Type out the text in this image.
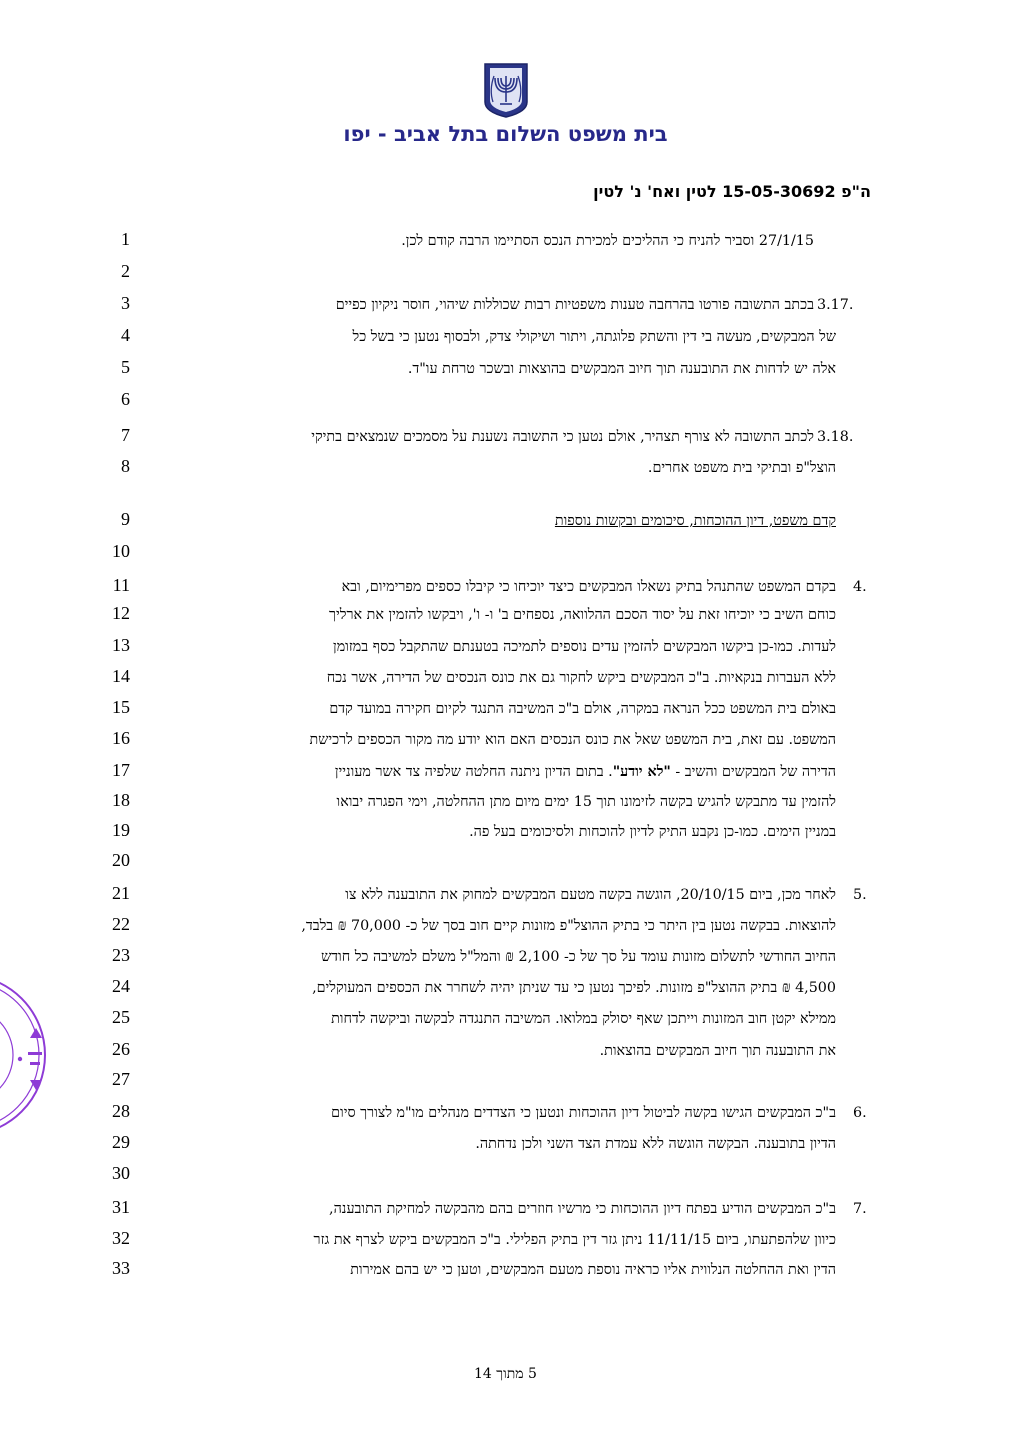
בית משפט השלום בתל אביב - יפו
ה"פ 15-05-30692 לטין ואח' נ' לטין
1
2
3
4
5
6
7
8
9
10
11
12
13
14
15
16
17
18
19
20
21
22
23
24
25
26
27
28
29
30
31
32
33
27/1/15 וסביר להניח כי ההליכים למכירת הנכס הסתיימו הרבה קודם לכן.
3.17.
בכתב התשובה פורטו בהרחבה טענות משפטיות רבות שכוללות שיהוי, חוסר ניקיון כפיים
של המבקשים, מעשה בי דין והשתק פלוגתה, ויתור ושיקולי צדק, ולבסוף נטען כי בשל כל
אלה יש לדחות את התובענה תוך חיוב המבקשים בהוצאות ובשכר טרחת עו"ד.
3.18.
לכתב התשובה לא צורף תצהיר, אולם נטען כי התשובה נשענת על מסמכים שנמצאים בתיקי
הוצל"פ ובתיקי בית משפט אחרים.
קדם משפט, דיון ההוכחות, סיכומים ובקשות נוספות
4.
בקדם המשפט שהתנהל בתיק נשאלו המבקשים כיצד יוכיחו כי קיבלו כספים מפרימיום, ובא
כוחם השיב כי יוכיחו זאת על יסוד הסכם ההלוואה, נספחים ב' ו- ו', ויבקשו להזמין את ארליך
לעדות. כמו-כן ביקשו המבקשים להזמין עדים נוספים לתמיכה בטענתם שהתקבל כסף במזומן
ללא העברות בנקאיות. ב"כ המבקשים ביקש לחקור גם את כונס הנכסים של הדירה, אשר נכח
באולם בית המשפט ככל הנראה במקרה, אולם ב"כ המשיבה התנגד לקיום חקירה במועד קדם
המשפט. עם זאת, בית המשפט שאל את כונס הנכסים האם הוא יודע מה מקור הכספים לרכישת
הדירה של המבקשים והשיב - "לא יודע". בתום הדיון ניתנה החלטה שלפיה צד אשר מעוניין
להזמין עד מתבקש להגיש בקשה לזימונו תוך 15 ימים מיום מתן ההחלטה, וימי הפגרה יבואו
במניין הימים. כמו-כן נקבע התיק לדיון להוכחות ולסיכומים בעל פה.
5.
לאחר מכן, ביום 20/10/15, הוגשה בקשה מטעם המבקשים למחוק את התובענה ללא צו
להוצאות. בבקשה נטען בין היתר כי בתיק ההוצל"פ מזונות קיים חוב בסך של כ- 70,000 ₪ בלבד,
החיוב החודשי לתשלום מזונות עומד על סך של כ- 2,100 ₪ והמל"ל משלם למשיבה כל חודש
4,500 ₪ בתיק ההוצל"פ מזונות. לפיכך נטען כי עד שניתן יהיה לשחרר את הכספים המעוקלים,
ממילא יקטן חוב המזונות וייתכן שאף יסולק במלואו. המשיבה התנגדה לבקשה וביקשה לדחות
את התובענה תוך חיוב המבקשים בהוצאות.
6.
ב"כ המבקשים הגישו בקשה לביטול דיון ההוכחות ונטען כי הצדדים מנהלים מו"מ לצורך סיום
הדיון בתובענה. הבקשה הוגשה ללא עמדת הצד השני ולכן נדחתה.
7.
ב"כ המבקשים הודיע בפתח דיון ההוכחות כי מרשיו חוזרים בהם מהבקשה למחיקת התובענה,
כיוון שלהפתעתו, ביום 11/11/15 ניתן גזר דין בתיק הפלילי. ב"כ המבקשים ביקש לצרף את גזר
הדין ואת ההחלטה הנלווית אליו כראיה נוספת מטעם המבקשים, וטען כי יש בהם אמירות
5 מתוך 14
